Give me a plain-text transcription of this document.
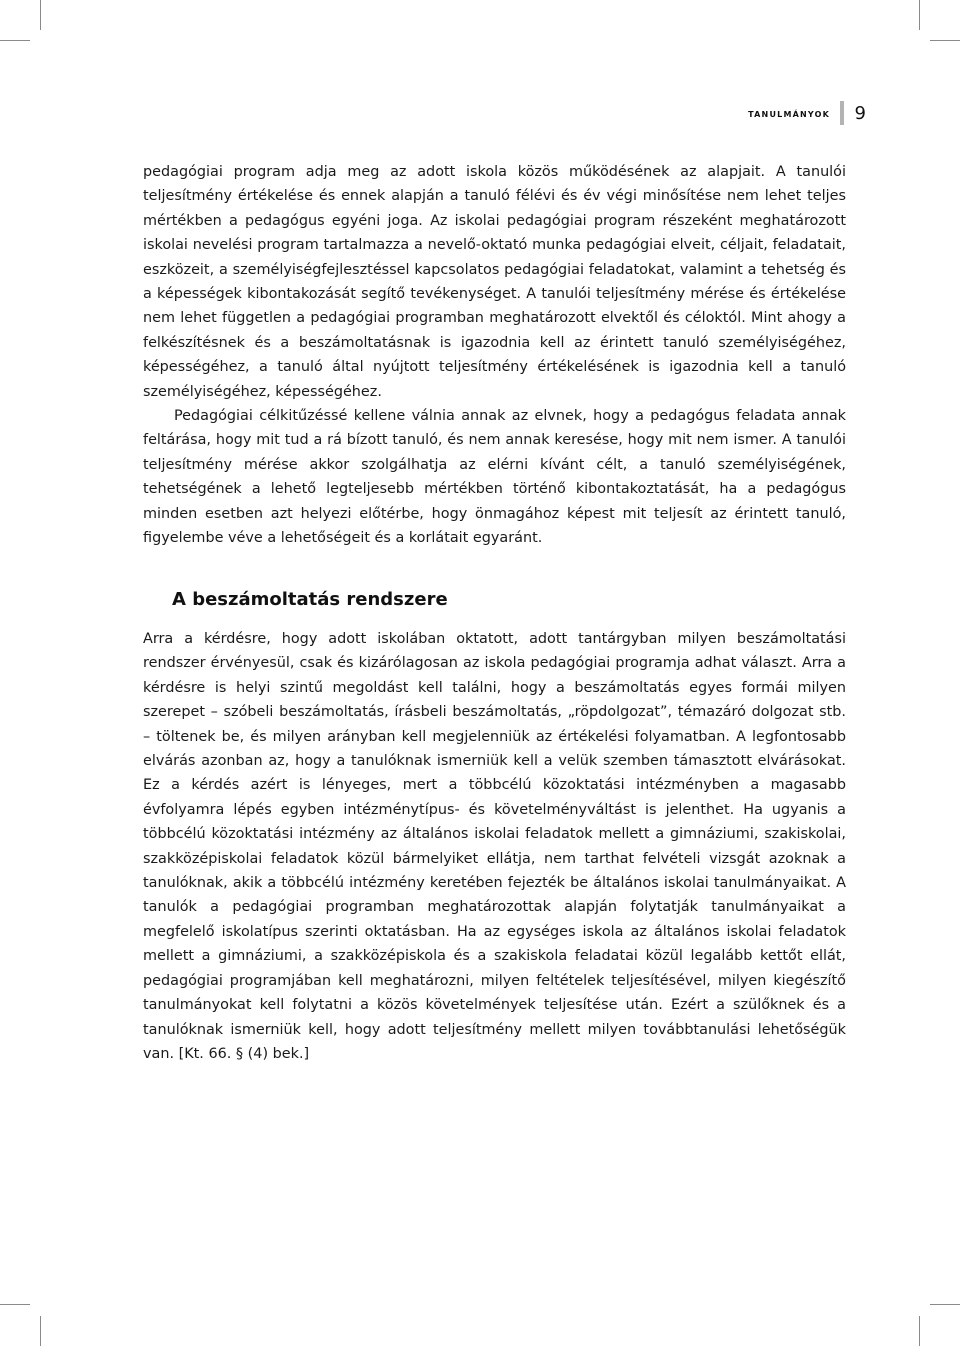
tanulmányok 9

pedagógiai program adja meg az adott iskola közös működésének az alapjait. A tanulói teljesítmény értékelése és ennek alapján a tanuló félévi és év végi minősítése nem lehet teljes mértékben a pedagógus egyéni joga. Az iskolai pedagógiai program részeként meghatározott iskolai nevelési program tartalmazza a nevelő-oktató munka pedagógiai elveit, céljait, feladatait, eszközeit, a személyiségfejlesztéssel kapcsolatos pedagógiai feladatokat, valamint a tehetség és a képességek kibontakozását segítő tevékenységet. A tanulói teljesítmény mérése és értékelése nem lehet független a pedagógiai programban meghatározott elvektől és céloktól. Mint ahogy a felkészítésnek és a beszámoltatásnak is igazodnia kell az érintett tanuló személyiségéhez, képességéhez, a tanuló által nyújtott teljesítmény értékelésének is igazodnia kell a tanuló személyiségéhez, képességéhez.

Pedagógiai célkitűzéssé kellene válnia annak az elvnek, hogy a pedagógus feladata annak feltárása, hogy mit tud a rá bízott tanuló, és nem annak keresése, hogy mit nem ismer. A tanulói teljesítmény mérése akkor szolgálhatja az elérni kívánt célt, a tanuló személyiségének, tehetségének a lehető legteljesebb mértékben történő kibontakoztatását, ha a pedagógus minden esetben azt helyezi előtérbe, hogy önmagához képest mit teljesít az érintett tanuló, figyelembe véve a lehetőségeit és a korlátait egyaránt.

A beszámoltatás rendszere

Arra a kérdésre, hogy adott iskolában oktatott, adott tantárgyban milyen beszámoltatási rendszer érvényesül, csak és kizárólagosan az iskola pedagógiai programja adhat választ. Arra a kérdésre is helyi szintű megoldást kell találni, hogy a beszámoltatás egyes formái milyen szerepet – szóbeli beszámoltatás, írásbeli beszámoltatás, „röpdolgozat”, témazáró dolgozat stb. – töltenek be, és milyen arányban kell megjelenniük az értékelési folyamatban. A legfontosabb elvárás azonban az, hogy a tanulóknak ismerniük kell a velük szemben támasztott elvárásokat. Ez a kérdés azért is lényeges, mert a többcélú közoktatási intézményben a magasabb évfolyamra lépés egyben intézménytípus- és követelményváltást is jelenthet. Ha ugyanis a többcélú közoktatási intézmény az általános iskolai feladatok mellett a gimnáziumi, szakiskolai, szakközépiskolai feladatok közül bármelyiket ellátja, nem tarthat felvételi vizsgát azoknak a tanulóknak, akik a többcélú intézmény keretében fejezték be általános iskolai tanulmányaikat. A tanulók a pedagógiai programban meghatározottak alapján folytatják tanulmányaikat a megfelelő iskolatípus szerinti oktatásban. Ha az egységes iskola az általános iskolai feladatok mellett a gimnáziumi, a szakközépiskola és a szakiskola feladatai közül legalább kettőt ellát, pedagógiai programjában kell meghatározni, milyen feltételek teljesítésével, milyen kiegészítő tanulmányokat kell folytatni a közös követelmények teljesítése után. Ezért a szülőknek és a tanulóknak ismerniük kell, hogy adott teljesítmény mellett milyen továbbtanulási lehetőségük van. [Kt. 66. § (4) bek.]
